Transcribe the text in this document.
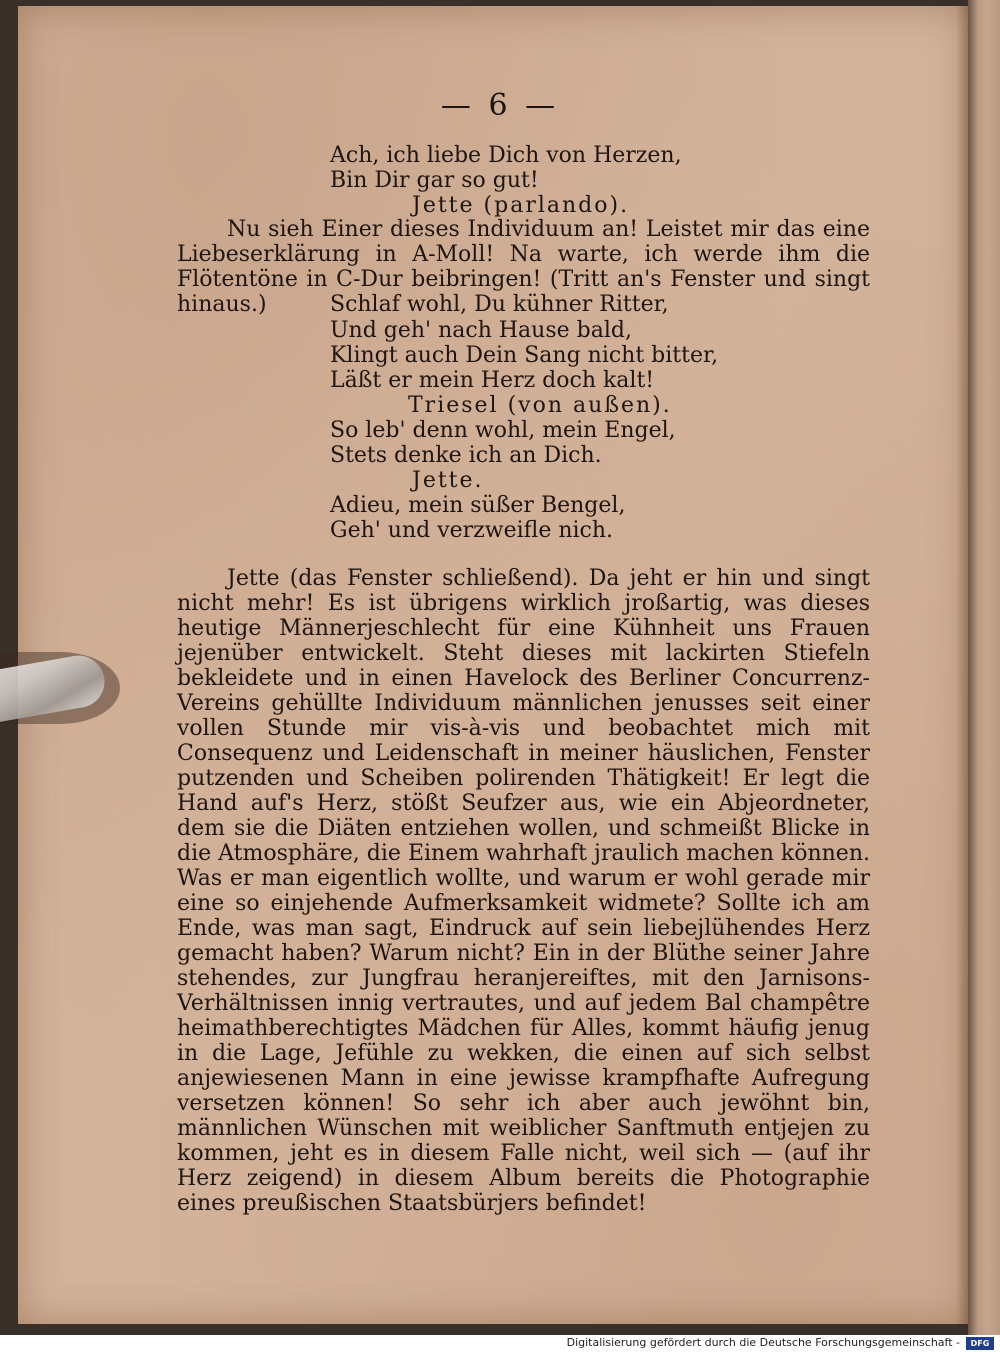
— 6 —
Ach, ich liebe Dich von Herzen,
Bin Dir gar so gut!
Jette (parlando).
Nu sieh Einer dieses Individuum an! Leistet mir das eine Liebeserklärung in A-Moll! Na warte, ich werde ihm die Flötentöne in C-Dur beibringen! (Tritt an's Fenster und singt hinaus.)	Schlaf wohl, Du kühner Ritter,
Und geh' nach Hause bald,
Klingt auch Dein Sang nicht bitter,
Läßt er mein Herz doch kalt!
Triesel (von außen).
So leb' denn wohl, mein Engel,
Stets denke ich an Dich.
Jette.
Adieu, mein süßer Bengel,
Geh' und verzweifle nich.
Jette (das Fenster schließend). Da jeht er hin und singt nicht mehr! Es ist übrigens wirklich jroßartig, was dieses heutige Männerjeschlecht für eine Kühnheit uns Frauen jejenüber entwickelt. Steht dieses mit lackirten Stiefeln bekleidete und in einen Havelock des Berliner Concurrenz-Vereins gehüllte Individuum männlichen jenusses seit einer vollen Stunde mir vis-à-vis und beobachtet mich mit Consequenz und Leidenschaft in meiner häuslichen, Fenster putzenden und Scheiben polirenden Thätigkeit! Er legt die Hand auf's Herz, stößt Seufzer aus, wie ein Abjeordneter, dem sie die Diäten entziehen wollen, und schmeißt Blicke in die Atmosphäre, die Einem wahrhaft jraulich machen können. Was er man eigentlich wollte, und warum er wohl gerade mir eine so einjehende Aufmerksamkeit widmete? Sollte ich am Ende, was man sagt, Eindruck auf sein liebejlühendes Herz gemacht haben? Warum nicht? Ein in der Blüthe seiner Jahre stehendes, zur Jungfrau heranjereiftes, mit den Jarnisons-Verhältnissen innig vertrautes, und auf jedem Bal champêtre heimathberechtigtes Mädchen für Alles, kommt häufig jenug in die Lage, Jefühle zu wekken, die einen auf sich selbst anjewiesenen Mann in eine jewisse krampfhafte Aufregung versetzen können! So sehr ich aber auch jewöhnt bin, männlichen Wünschen mit weiblicher Sanftmuth entjejen zu kommen, jeht es in diesem Falle nicht, weil sich — (auf ihr Herz zeigend) in diesem Album bereits die Photographie eines preußischen Staatsbürjers befindet!
Digitalisierung gefördert durch die Deutsche Forschungsgemeinschaft -	DFG
